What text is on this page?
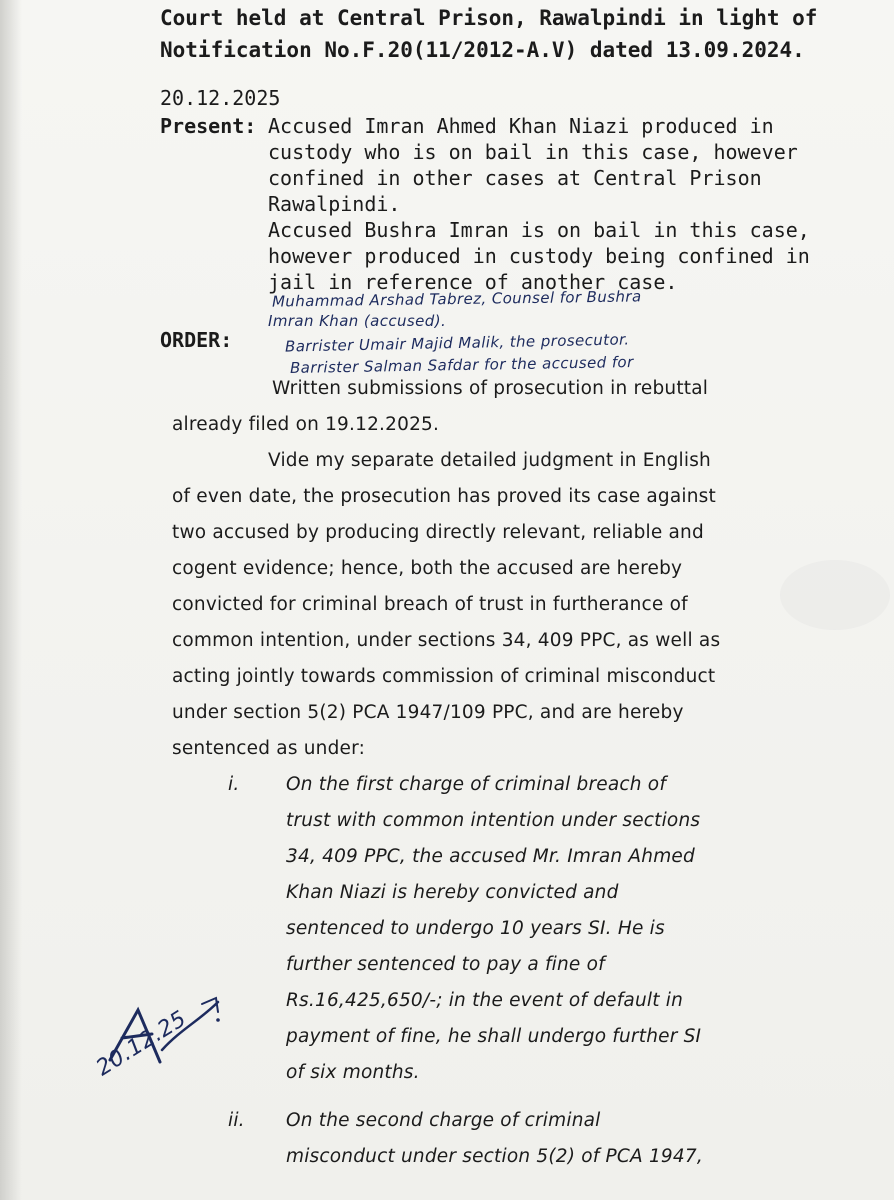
Court held at Central Prison, Rawalpindi in light of
Notification No.F.20(11/2012-A.V) dated 13.09.2024.
20.12.2025
Present: Accused Imran Ahmed Khan Niazi produced in
custody who is on bail in this case, however
confined in other cases at Central Prison
Rawalpindi.
Accused Bushra Imran is on bail in this case,
however produced in custody being confined in
jail in reference of another case.
Muhammad Arshad Tabrez, Counsel for Bushra
Imran Khan (accused).
Barrister Umair Majid Malik, the prosecutor.
Barrister Salman Safdar for the accused for
ORDER:
Written submissions of prosecution in rebuttal
already filed on 19.12.2025.
Vide my separate detailed judgment in English
of even date, the prosecution has proved its case against
two accused by producing directly relevant, reliable and
cogent evidence; hence, both the accused are hereby
convicted for criminal breach of trust in furtherance of
common intention, under sections 34, 409 PPC, as well as
acting jointly towards commission of criminal misconduct
under section 5(2) PCA 1947/109 PPC, and are hereby
sentenced as under:
i.	On the first charge of criminal breach of
trust with common intention under sections
34, 409 PPC, the accused Mr. Imran Ahmed
Khan Niazi is hereby convicted and
sentenced to undergo 10 years SI. He is
further sentenced to pay a fine of
Rs.16,425,650/-; in the event of default in
payment of fine, he shall undergo further SI
of six months.
ii. On the second charge of criminal
misconduct under section 5(2) of PCA 1947,
20.12.25
